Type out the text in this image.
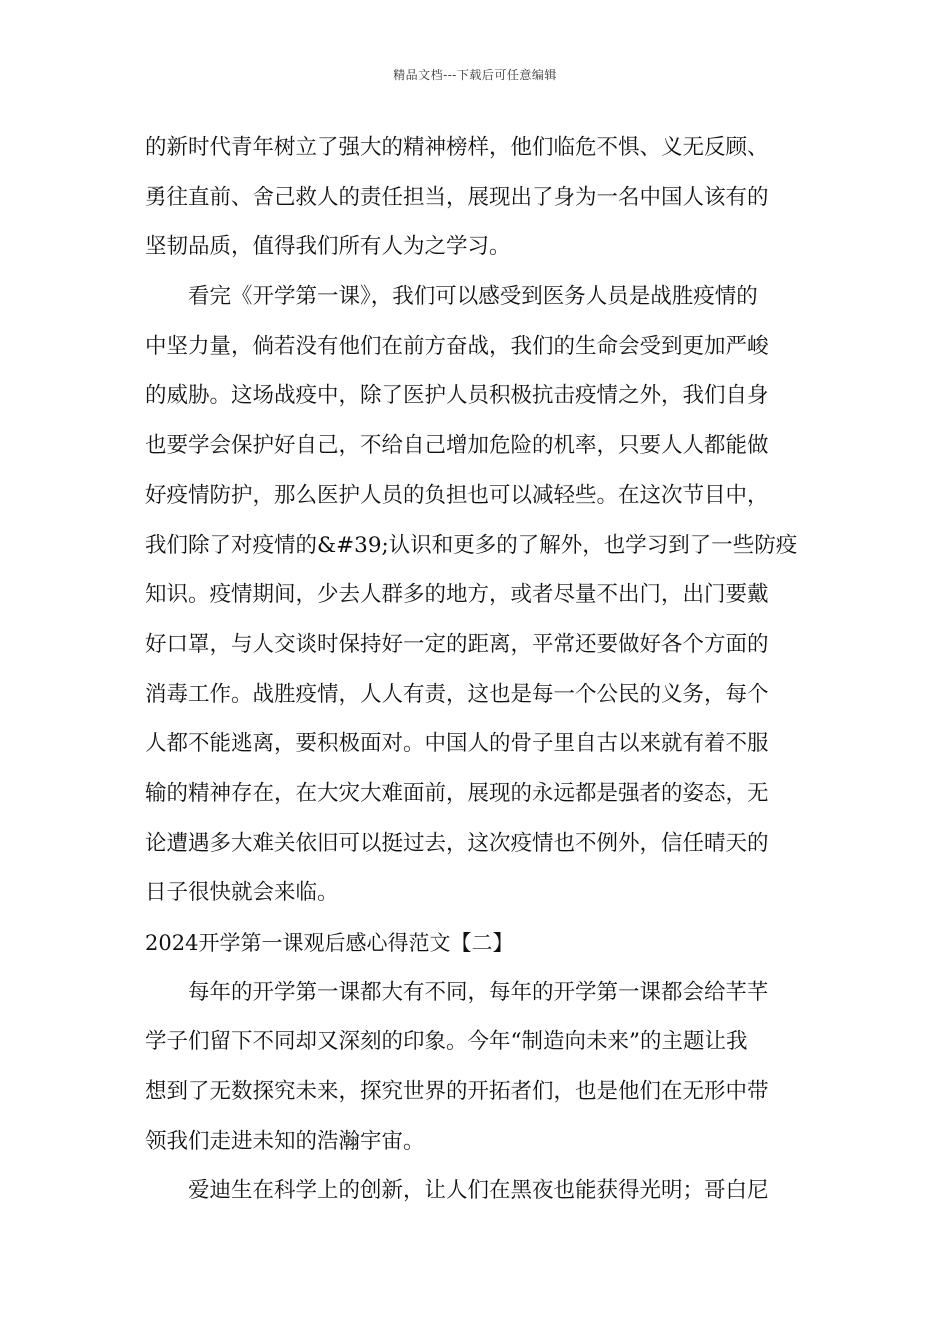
精品文档---下载后可任意编辑
的新时代青年树立了强大的精神榜样，他们临危不惧、义无反顾、
勇往直前、舍己救人的责任担当，展现出了身为一名中国人该有的
坚韧品质，值得我们所有人为之学习。
　　看完《开学第一课》，我们可以感受到医务人员是战胜疫情的
中坚力量，倘若没有他们在前方奋战，我们的生命会受到更加严峻
的威胁。这场战疫中，除了医护人员积极抗击疫情之外，我们自身
也要学会保护好自己，不给自己增加危险的机率，只要人人都能做
好疫情防护，那么医护人员的负担也可以减轻些。在这次节目中，
我们除了对疫情的&#39;认识和更多的了解外，也学习到了一些防疫
知识。疫情期间，少去人群多的地方，或者尽量不出门，出门要戴
好口罩，与人交谈时保持好一定的距离，平常还要做好各个方面的
消毒工作。战胜疫情，人人有责，这也是每一个公民的义务，每个
人都不能逃离，要积极面对。中国人的骨子里自古以来就有着不服
输的精神存在，在大灾大难面前，展现的永远都是强者的姿态，无
论遭遇多大难关依旧可以挺过去，这次疫情也不例外，信任晴天的
日子很快就会来临。
2024开学第一课观后感心得范文【二】
　　每年的开学第一课都大有不同，每年的开学第一课都会给芊芊
学子们留下不同却又深刻的印象。今年“制造向未来”的主题让我
想到了无数探究未来，探究世界的开拓者们，也是他们在无形中带
领我们走进未知的浩瀚宇宙。
　　爱迪生在科学上的创新，让人们在黑夜也能获得光明；哥白尼
